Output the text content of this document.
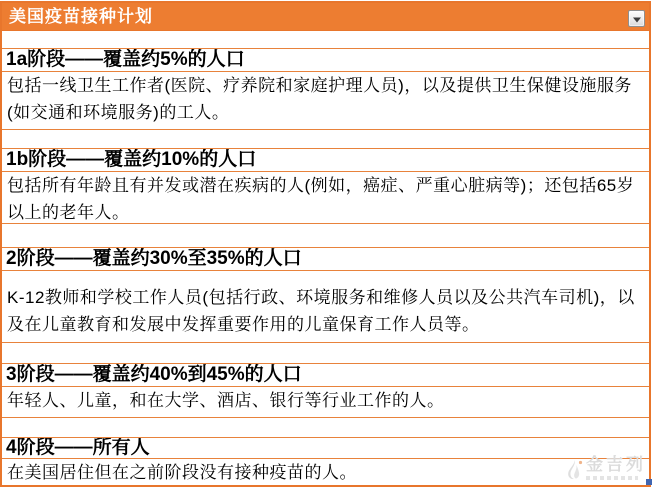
美国疫苗接种计划
1a阶段——覆盖约5%的人口
包括一线卫生工作者(医院、疗养院和家庭护理人员)，以及提供卫生保健设施服务(如交通和环境服务)的工人。
1b阶段——覆盖约10%的人口
包括所有年龄且有并发或潜在疾病的人(例如，癌症、严重心脏病等)；还包括65岁以上的老年人。
2阶段——覆盖约30%至35%的人口
K-12教师和学校工作人员(包括行政、环境服务和维修人员以及公共汽车司机)，以及在儿童教育和发展中发挥重要作用的儿童保育工作人员等。
3阶段——覆盖约40%到45%的人口
年轻人、儿童，和在大学、酒店、银行等行业工作的人。
4阶段——所有人
在美国居住但在之前阶段没有接种疫苗的人。	金吉列
